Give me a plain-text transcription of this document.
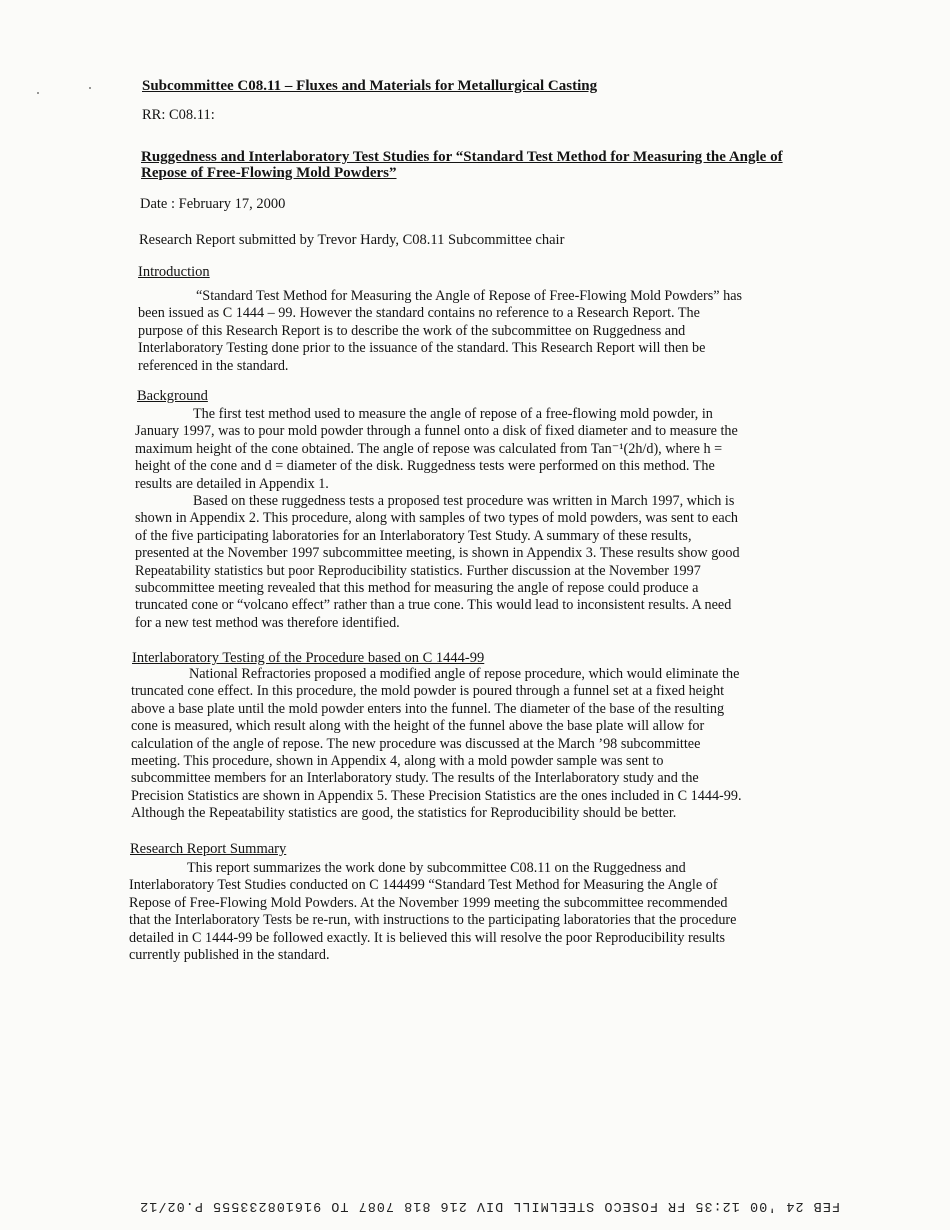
Subcommittee C08.11 – Fluxes and Materials for Metallurgical Casting

RR: C08.11:

Ruggedness and Interlaboratory Test Studies for “Standard Test Method for Measuring the Angle of
Repose of Free-Flowing Mold Powders”

Date : February 17, 2000

Research Report submitted by Trevor Hardy, C08.11 Subcommittee chair

Introduction

“Standard Test Method for Measuring the Angle of Repose of Free-Flowing Mold Powders” has
been issued as C 1444 – 99. However the standard contains no reference to a Research Report. The
purpose of this Research Report is to describe the work of the subcommittee on Ruggedness and
Interlaboratory Testing done prior to the issuance of the standard. This Research Report will then be
referenced in the standard.

Background

The first test method used to measure the angle of repose of a free-flowing mold powder, in
January 1997, was to pour mold powder through a funnel onto a disk of fixed diameter and to measure the
maximum height of the cone obtained. The angle of repose was calculated from Tan⁻¹(2h/d), where h =
height of the cone and d = diameter of the disk. Ruggedness tests were performed on this method. The
results are detailed in Appendix 1.
Based on these ruggedness tests a proposed test procedure was written in March 1997, which is
shown in Appendix 2. This procedure, along with samples of two types of mold powders, was sent to each
of the five participating laboratories for an Interlaboratory Test Study. A summary of these results,
presented at the November 1997 subcommittee meeting, is shown in Appendix 3. These results show good
Repeatability statistics but poor Reproducibility statistics. Further discussion at the November 1997
subcommittee meeting revealed that this method for measuring the angle of repose could produce a
truncated cone or “volcano effect” rather than a true cone. This would lead to inconsistent results. A need
for a new test method was therefore identified.

Interlaboratory Testing of the Procedure based on C 1444-99

National Refractories proposed a modified angle of repose procedure, which would eliminate the
truncated cone effect. In this procedure, the mold powder is poured through a funnel set at a fixed height
above a base plate until the mold powder enters into the funnel. The diameter of the base of the resulting
cone is measured, which result along with the height of the funnel above the base plate will allow for
calculation of the angle of repose. The new procedure was discussed at the March ’98 subcommittee
meeting. This procedure, shown in Appendix 4, along with a mold powder sample was sent to
subcommittee members for an Interlaboratory study. The results of the Interlaboratory study and the
Precision Statistics are shown in Appendix 5. These Precision Statistics are the ones included in C 1444-99.
Although the Repeatability statistics are good, the statistics for Reproducibility should be better.

Research Report Summary

This report summarizes the work done by subcommittee C08.11 on the Ruggedness and
Interlaboratory Test Studies conducted on C 144499 “Standard Test Method for Measuring the Angle of
Repose of Free-Flowing Mold Powders. At the November 1999 meeting the subcommittee recommended
that the Interlaboratory Tests be re-run, with instructions to the participating laboratories that the procedure
detailed in C 1444-99 be followed exactly. It is believed this will resolve the poor Reproducibility results
currently published in the standard.
FEB 24 '00 12:35 FR FOSECO STEELMILL DIV 216 818 7087 TO 916108233555 P.02/12
